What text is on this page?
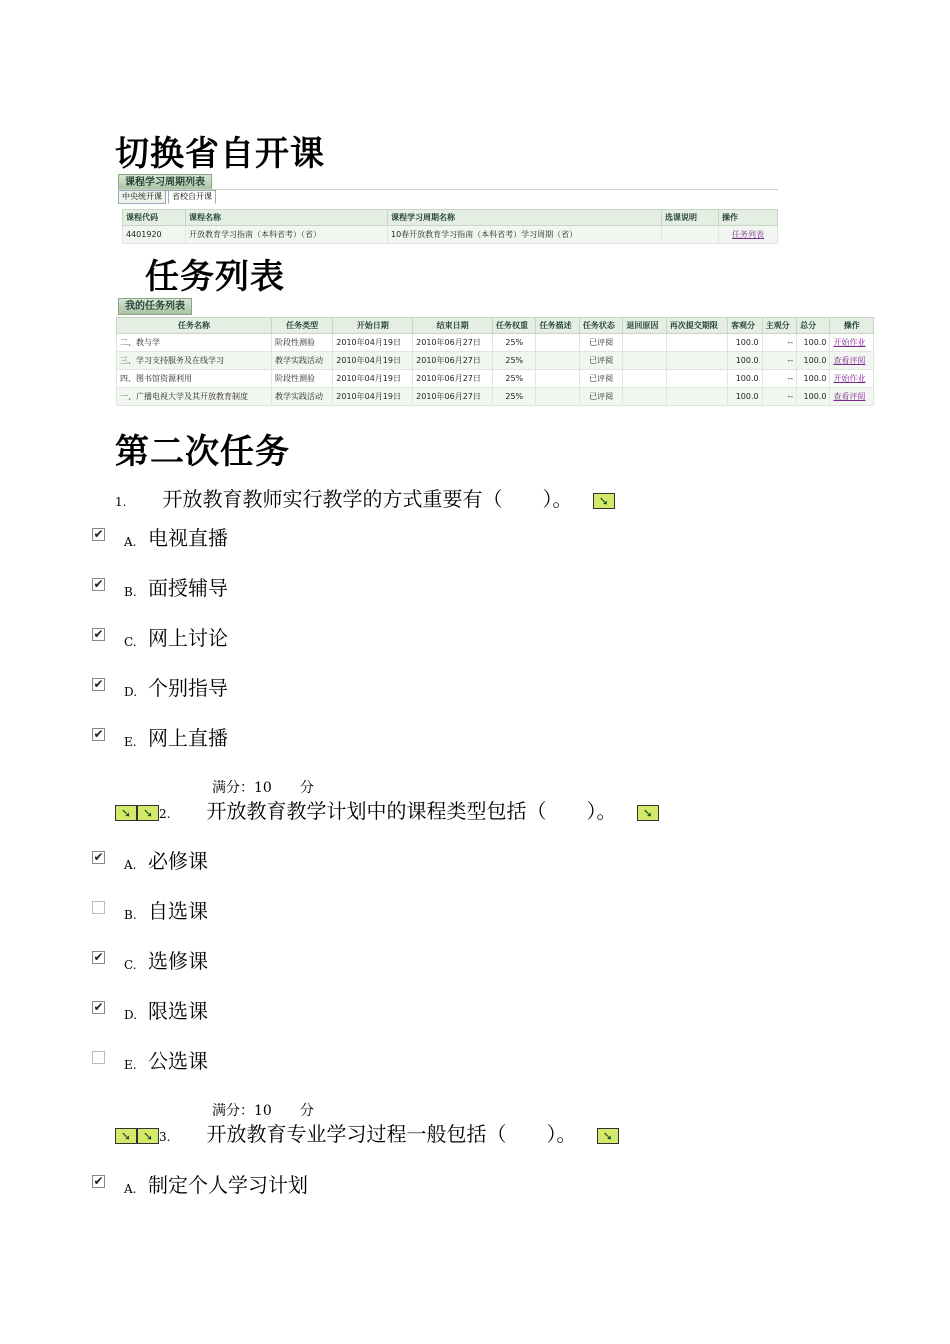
切换省自开课
课程学习周期列表
中央统开课	省校自开课
课程代码	课程名称	课程学习周期名称	选课说明	操作
4401920	开放教育学习指南（本科省考）（省）	10春开放教育学习指南（本科省考）学习周期（省）		任务列表
任务列表
我的任务列表
任务名称	任务类型	开始日期	结束日期	任务权重	任务描述	任务状态	退回原因	再次提交期限	客观分	主观分	总分	操作
二、教与学	阶段性测验	2010年04月19日	2010年06月27日	25%		已评阅			100.0	--	100.0	开始作业
三、学习支持服务及在线学习	教学实践活动	2010年04月19日	2010年06月27日	25%		已评阅			100.0	--	100.0	查看评阅
四、图书馆资源利用	阶段性测验	2010年04月19日	2010年06月27日	25%		已评阅			100.0	--	100.0	开始作业
一、广播电视大学及其开放教育制度	教学实践活动	2010年04月19日	2010年06月27日	25%		已评阅			100.0	--	100.0	查看评阅
第二次任务
1. 开放教育教师实行教学的方式重要有（　　）。 ➘
✔
A. 电视直播
✔
B. 面授辅导
✔
C. 网上讨论
✔
D. 个别指导
✔
E. 网上直播
满分：10　　分
➘ ➘ 2. 开放教育教学计划中的课程类型包括（　　）。 ➘
✔
A. 必修课
B. 自选课
✔
C. 选修课
✔
D. 限选课
E. 公选课
满分：10　　分
➘ ➘ 3. 开放教育专业学习过程一般包括（　　）。 ➘
✔
A. 制定个人学习计划
